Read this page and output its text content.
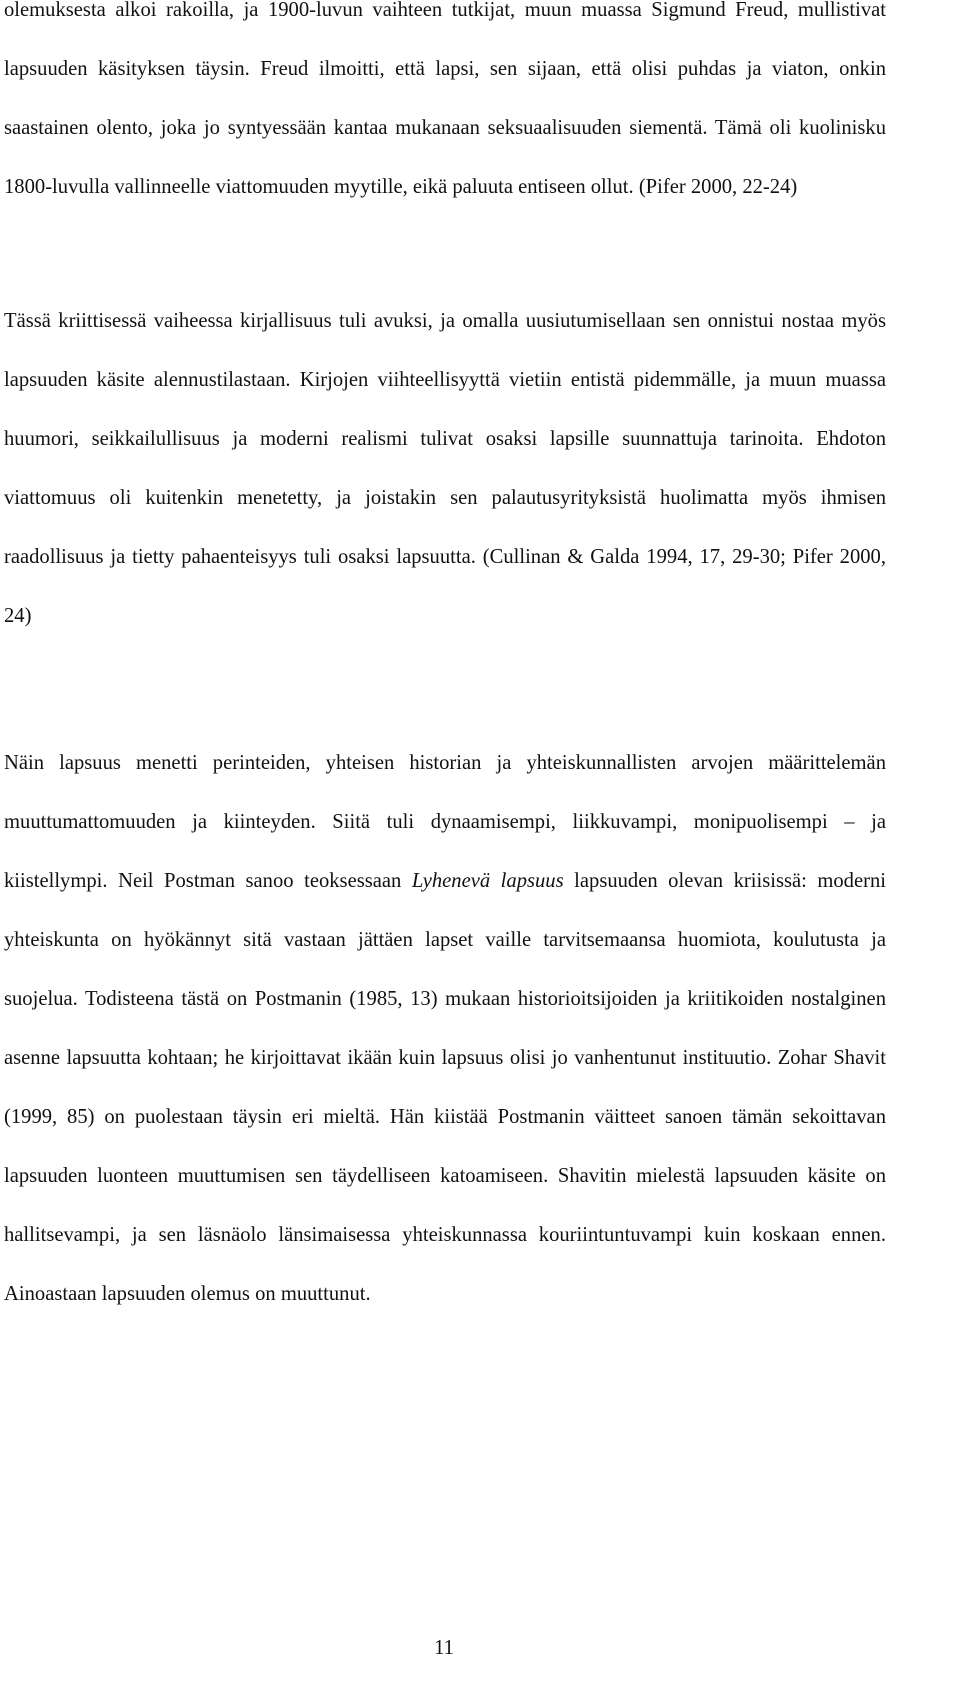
olemuksesta alkoi rakoilla, ja 1900-luvun vaihteen tutkijat, muun muassa Sigmund Freud, mullistivat lapsuuden käsityksen täysin. Freud ilmoitti, että lapsi, sen sijaan, että olisi puhdas ja viaton, onkin saastainen olento, joka jo syntyessään kantaa mukanaan seksuaalisuuden siementä. Tämä oli kuolinisku 1800-luvulla vallinneelle viattomuuden myytille, eikä paluuta entiseen ollut. (Pifer 2000, 22-24)

Tässä kriittisessä vaiheessa kirjallisuus tuli avuksi, ja omalla uusiutumisellaan sen onnistui nostaa myös lapsuuden käsite alennustilastaan. Kirjojen viihteellisyyttä vietiin entistä pidemmälle, ja muun muassa huumori, seikkailullisuus ja moderni realismi tulivat osaksi lapsille suunnattuja tarinoita. Ehdoton viattomuus oli kuitenkin menetetty, ja joistakin sen palautusyrityksistä huolimatta myös ihmisen raadollisuus ja tietty pahaenteisyys tuli osaksi lapsuutta. (Cullinan & Galda 1994, 17, 29-30; Pifer 2000, 24)

Näin lapsuus menetti perinteiden, yhteisen historian ja yhteiskunnallisten arvojen määrittelemän muuttumattomuuden ja kiinteyden. Siitä tuli dynaamisempi, liikkuvampi, monipuolisempi – ja kiistellympi. Neil Postman sanoo teoksessaan Lyhenevä lapsuus lapsuuden olevan kriisissä: moderni yhteiskunta on hyökännyt sitä vastaan jättäen lapset vaille tarvitsemaansa huomiota, koulutusta ja suojelua. Todisteena tästä on Postmanin (1985, 13) mukaan historioitsijoiden ja kriitikoiden nostalginen asenne lapsuutta kohtaan; he kirjoittavat ikään kuin lapsuus olisi jo vanhentunut instituutio. Zohar Shavit (1999, 85) on puolestaan täysin eri mieltä. Hän kiistää Postmanin väitteet sanoen tämän sekoittavan lapsuuden luonteen muuttumisen sen täydelliseen katoamiseen. Shavitin mielestä lapsuuden käsite on hallitsevampi, ja sen läsnäolo länsimaisessa yhteiskunnassa kouriintuntuvampi kuin koskaan ennen. Ainoastaan lapsuuden olemus on muuttunut.

11
